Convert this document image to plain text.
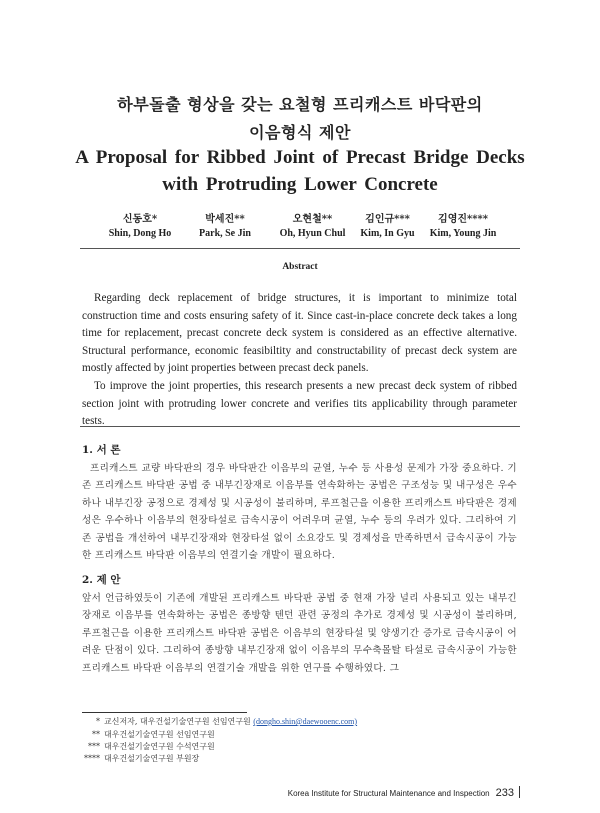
하부돌출 형상을 갖는 요철형 프리캐스트 바닥판의
이음형식 제안
A Proposal for Ribbed Joint of Precast Bridge Decks
with Protruding Lower Concrete
신동호*
Shin, Dong Ho
박세진**
Park, Se Jin
오현철**
Oh, Hyun Chul
김인규***
Kim, In Gyu
김영진****
Kim, Young Jin
Abstract
Regarding deck replacement of bridge structures, it is important to minimize total construction time and costs ensuring safety of it. Since cast-in-place concrete deck takes a long time for replacement, precast concrete deck system is considered as an effective alternative. Structural performance, economic feasibiltity and constructability of precast deck system are mostly affected by joint properties between precast deck panels.
To improve the joint properties, this research presents a new precast deck system of ribbed section joint with protruding lower concrete and verifies tits applicability through parameter tests.
1. 서 론
프리캐스트 교량 바닥판의 경우 바닥판간 이음부의 균열, 누수 등 사용성 문제가 가장 중요하다. 기존 프리캐스트 바닥판 공법 중 내부긴장재로 이음부를 연속화하는 공법은 구조성능 및 내구성은 우수하나 내부긴장 공정으로 경제성 및 시공성이 불리하며, 루프철근을 이용한 프리캐스트 바닥판은 경제성은 우수하나 이음부의 현장타설로 급속시공이 어려우며 균열, 누수 등의 우려가 있다. 그리하여 기존 공법을 개선하여 내부긴장재와 현장타설 없이 소요강도 및 경제성을 만족하면서 급속시공이 가능한 프리캐스트 바닥판 이음부의 연결기술 개발이 필요하다.
2. 제 안
앞서 언급하였듯이 기존에 개발된 프리캐스트 바닥판 공법 중 현재 가장 널리 사용되고 있는 내부긴장재로 이음부를 연속화하는 공법은 종방향 텐던 관련 공정의 추가로 경제성 및 시공성이 불리하며, 루프철근을 이용한 프리캐스트 바닥판 공법은 이음부의 현장타설 및 양생기간 증가로 급속시공이 어려운 단점이 있다. 그리하여 종방향 내부긴장재 없이 이음부의 무수축몰탈 타설로 급속시공이 가능한 프리캐스트 바닥판 이음부의 연결기술 개발을 위한 연구를 수행하였다. 그
* 교신저자, 대우건설기술연구원 선임연구원 (dongho.shin@daewooenc.com)
** 대우건설기술연구원 선임연구원
*** 대우건설기술연구원 수석연구원
**** 대우건설기술연구원 부원장
Korea Institute for Structural Maintenance and Inspection 233
